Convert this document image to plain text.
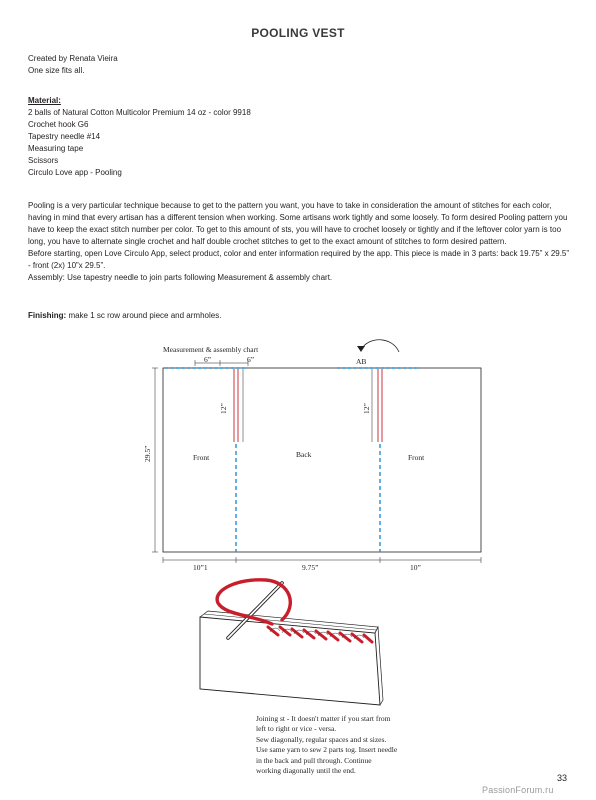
POOLING VEST

Created by Renata Vieira

One size fits all.

Material:

2 balls of Natural Cotton Multicolor Premium 14 oz - color 9918

Crochet hook G6

Tapestry needle #14

Measuring tape

Scissors

Circulo Love app - Pooling

Pooling is a very particular technique because to get to the pattern you want, you have to take in consideration the amount of stitches for each color, having in mind that every artisan has a different tension when working. Some artisans work tightly and some loosely. To form desired Pooling pattern you have to keep the exact stitch number per color. To get to this amount of sts, you will have to crochet loosely or tightly and if the leftover color yarn is too long, you have to alternate single crochet and half double crochet stitches to get to the exact amount of stitches to form desired pattern.

Before starting, open Love Circulo App, select product, color and enter information required by the app. This piece is made in 3 parts: back 19.75” x 29.5” - front (2x) 10”x 29.5”.

Assembly: Use tapestry needle to join parts following Measurement & assembly chart.

Finishing: make 1 sc row around piece and armholes.

Measurement & assembly chart
6”	6”	AB
12”	12”
29.5”	Front	Back	Front
10”1	9.75”	10”

Joining st - It doesn't matter if you start from

left to right or vice - versa.

Sew diagonally, regular spaces and st sizes.

Use same yarn to sew 2 parts tog. Insert needle

in the back and pull through. Continue

working diagonally until the end.

33
PassionForum.ru
